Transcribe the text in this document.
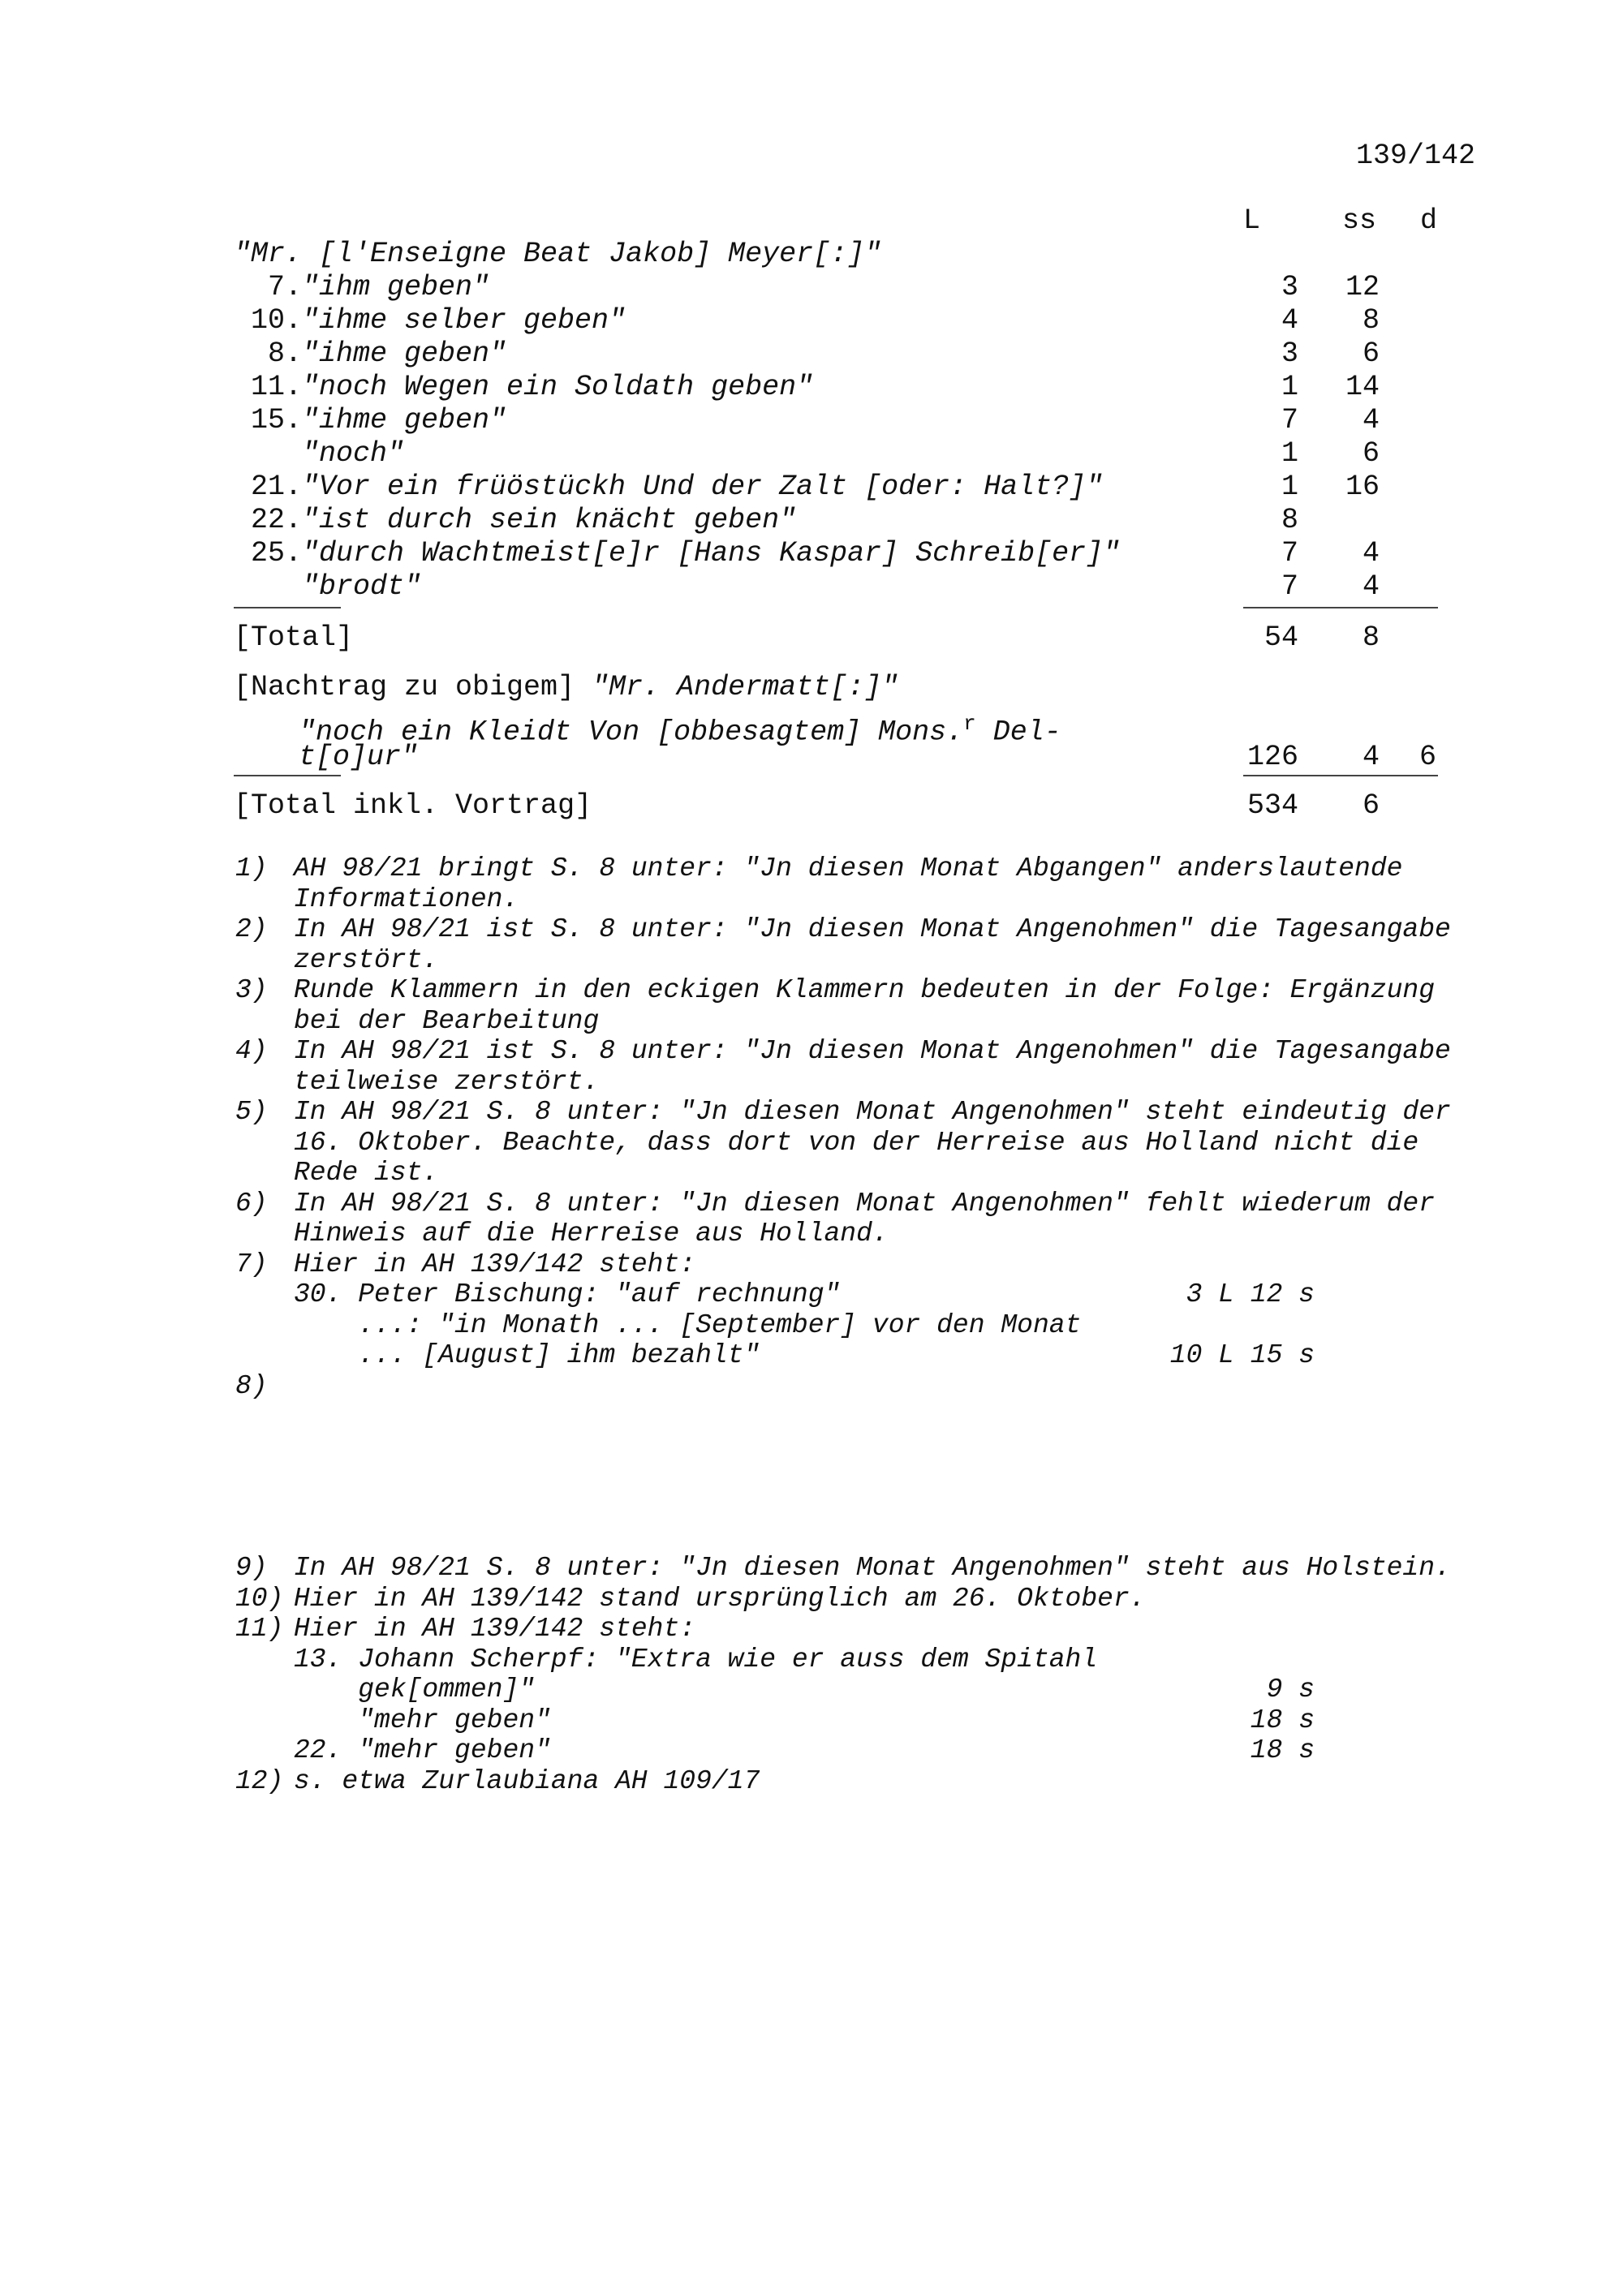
139/142
L	ss d
"Mr. [l'Enseigne Beat Jakob] Meyer[:]"
7."ihm geben"	3	12
10."ihme selber geben"	4	8
8."ihme geben"	3	6
11."noch Wegen ein Soldath geben"	1	14
15."ihme geben"	7	4
"noch"	1	6
21."Vor ein früöstückh Und der Zalt [oder: Halt?]"	1	16
22."ist durch sein knächt geben"	8
25."durch Wachtmeist[e]r [Hans Kaspar] Schreib[er]"	7	4
"brodt"	7	4
[Total]	54	8
[Nachtrag zu obigem] "Mr. Andermatt[:]"
"noch ein Kleidt Von [obbesagtem] Mons.$^r$ Del-
t[o]ur"	126	4	6
[Total inkl. Vortrag]	534	6
1) AH 98/21 bringt S. 8 unter: "Jn diesen Monat Abgangen" anderslautende
Informationen.
2) In AH 98/21 ist S. 8 unter: "Jn diesen Monat Angenohmen" die Tagesangabe
zerstört.
3) Runde Klammern in den eckigen Klammern bedeuten in der Folge: Ergänzung
bei der Bearbeitung
4) In AH 98/21 ist S. 8 unter: "Jn diesen Monat Angenohmen" die Tagesangabe
teilweise zerstört.
5) In AH 98/21 S. 8 unter: "Jn diesen Monat Angenohmen" steht eindeutig der
16. Oktober. Beachte, dass dort von der Herreise aus Holland nicht die
Rede ist.
6) In AH 98/21 S. 8 unter: "Jn diesen Monat Angenohmen" fehlt wiederum der
Hinweis auf die Herreise aus Holland.
7) Hier in AH 139/142 steht:
30. Peter Bischung: "auf rechnung"	3 L 12 s
...: "in Monath ... [September] vor den Monat
... [August] ihm bezahlt"	10 L 15 s
8)
9) In AH 98/21 S. 8 unter: "Jn diesen Monat Angenohmen" steht aus Holstein.
10) Hier in AH 139/142 stand ursprünglich am 26. Oktober.
11) Hier in AH 139/142 steht:
13. Johann Scherpf: "Extra wie er auss dem Spitahl
gek[ommen]"	9 s
"mehr geben"	18 s
22. "mehr geben"	18 s
12) s. etwa Zurlaubiana AH 109/17
